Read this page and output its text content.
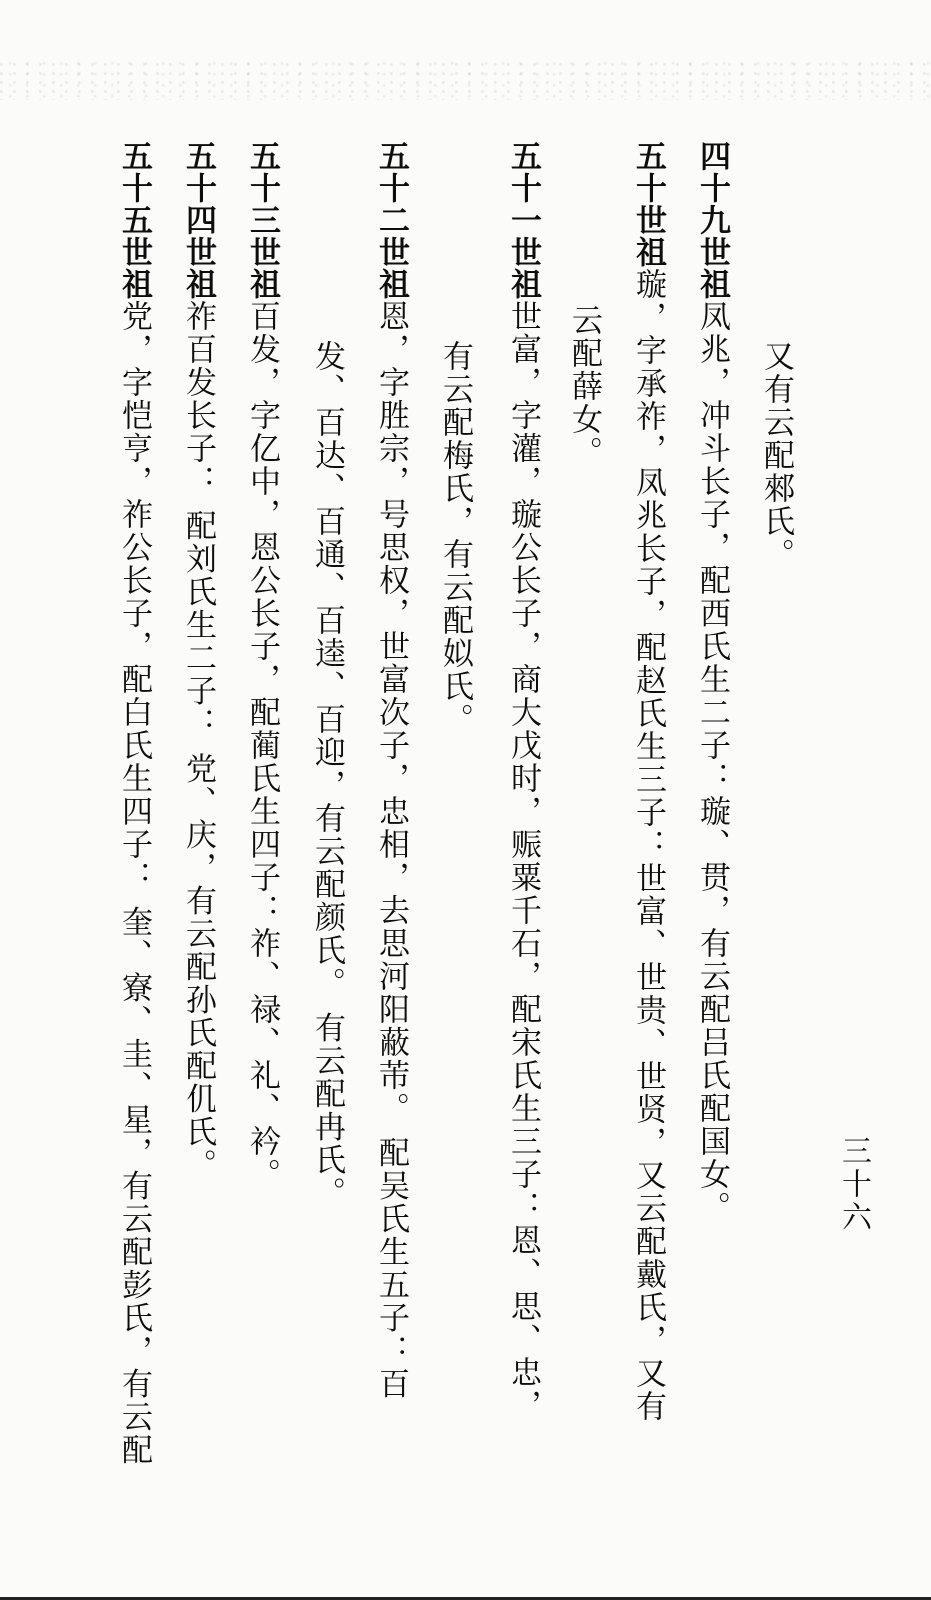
又有云配郲氏。
四十九世祖凤兆，冲斗长子，配西氏生二子：璇、贯，有云配吕氏配国女。
五十世祖璇，字承祚，凤兆长子，配赵氏生三子：世富、世贵、世贤，又云配戴氏，又有
云配薛女。
五十一世祖世富，字灌，璇公长子，商大戊时，赈粟千石，配宋氏生三子：恩、思、忠，
有云配梅氏，有云配姒氏。
五十二世祖恩，字胜宗，号思权，世富次子，忠相，去思河阳蔽芾。 配吴氏生五子：百
发、百达、百通、百逵、百迎，有云配颜氏。 有云配冉氏。
五十三世祖百发，字亿中，恩公长子，配蔺氏生四子：祚、禄、礼、衿。
五十四世祖祚百发长子： 配刘氏生二子： 党、庆，有云配孙氏配仉氏。
五十五世祖党，字恺亨，祚公长子，配白氏生四子： 奎、寮、圭、星，有云配彭氏，有云配	三十六
